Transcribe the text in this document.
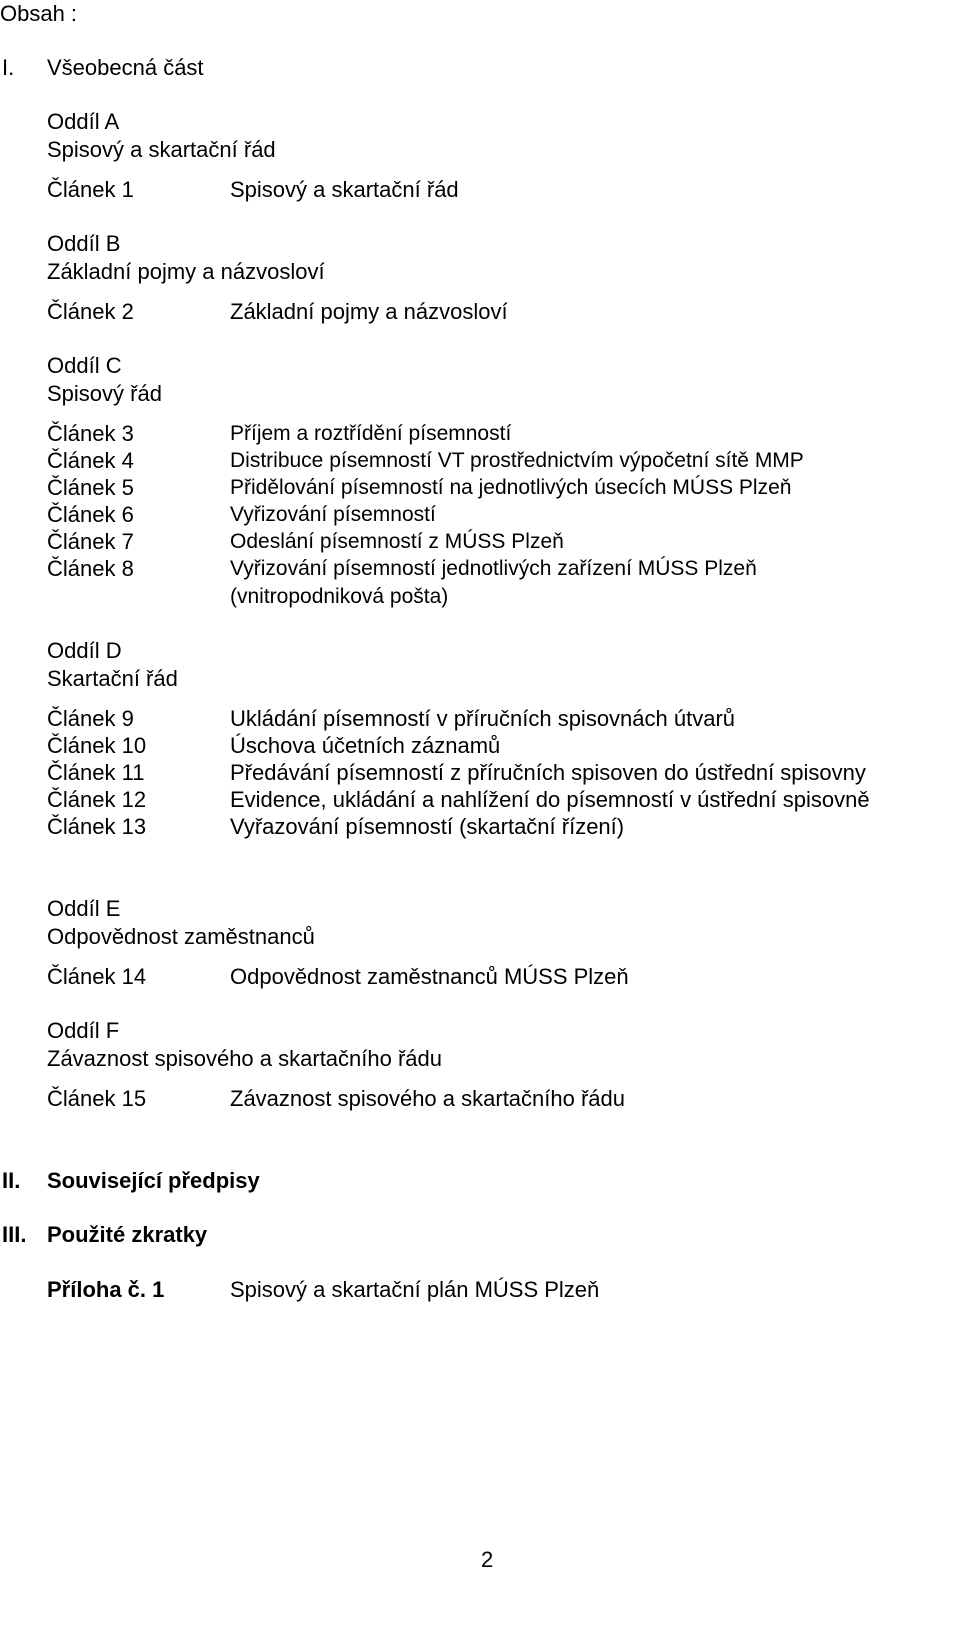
Obsah :
I. Všeobecná část
Oddíl A
Spisový a skartační řád
Článek 1	Spisový a skartační řád
Oddíl B
Základní pojmy a názvosloví
Článek 2	Základní pojmy a názvosloví
Oddíl C
Spisový řád
Článek 3	Příjem a roztřídění písemností
Článek 4	Distribuce písemností VT prostřednictvím výpočetní sítě MMP
Článek 5	Přidělování písemností na jednotlivých úsecích MÚSS Plzeň
Článek 6	Vyřizování písemností
Článek 7	Odeslání písemností z MÚSS Plzeň
Článek 8	Vyřizování písemností jednotlivých zařízení MÚSS Plzeň
(vnitropodniková pošta)
Oddíl D
Skartační řád
Článek 9	Ukládání písemností v příručních spisovnách útvarů
Článek 10	Úschova účetních záznamů
Článek 11	Předávání písemností z příručních spisoven do ústřední spisovny
Článek 12	Evidence, ukládání a nahlížení do písemností v ústřední spisovně
Článek 13	Vyřazování písemností (skartační řízení)
Oddíl E
Odpovědnost zaměstnanců
Článek 14	Odpovědnost zaměstnanců MÚSS Plzeň
Oddíl F
Závaznost spisového a skartačního řádu
Článek 15	Závaznost spisového a skartačního řádu
II. Související předpisy
III. Použité zkratky
Příloha č. 1	Spisový a skartační plán MÚSS Plzeň
2
